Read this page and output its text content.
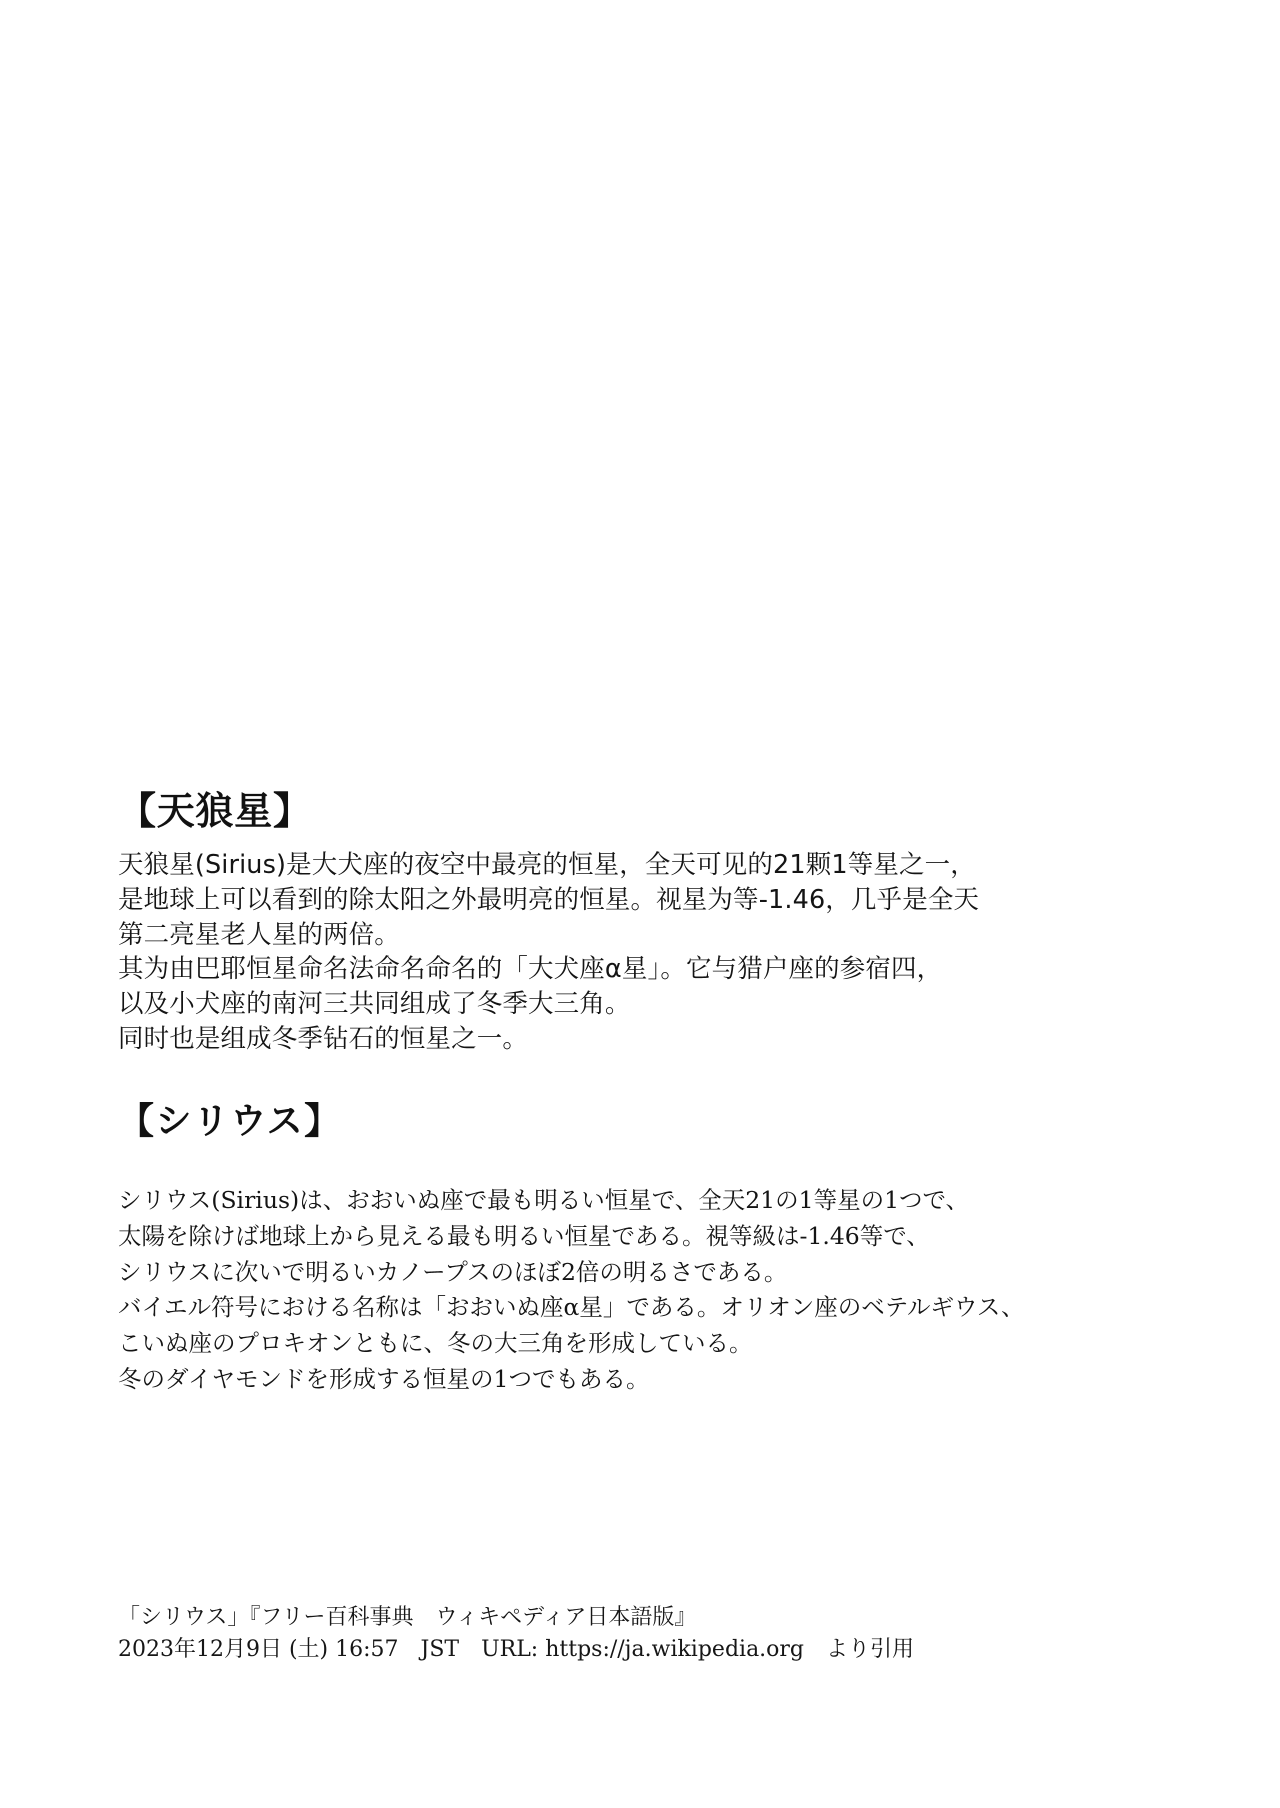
【天狼星】
天狼星(Sirius)是大犬座的夜空中最亮的恒星，全天可见的21颗1等星之一，
是地球上可以看到的除太阳之外最明亮的恒星。视星为等-1.46，几乎是全天
第二亮星老人星的两倍。
其为由巴耶恒星命名法命名命名的「大犬座α星」。它与猎户座的参宿四，
以及小犬座的南河三共同组成了冬季大三角。
同时也是组成冬季钻石的恒星之一。
【シリウス】
シリウス(Sirius)は、おおいぬ座で最も明るい恒星で、全天21の1等星の1つで、
太陽を除けば地球上から見える最も明るい恒星である。視等級は-1.46等で、
シリウスに次いで明るいカノープスのほぼ2倍の明るさである。
バイエル符号における名称は「おおいぬ座α星」である。オリオン座のベテルギウス、
こいぬ座のプロキオンともに、冬の大三角を形成している。
冬のダイヤモンドを形成する恒星の1つでもある。
「シリウス」『フリー百科事典　ウィキペディア日本語版』
2023年12月9日 (土) 16:57　JST　URL: https://ja.wikipedia.org　より引用
